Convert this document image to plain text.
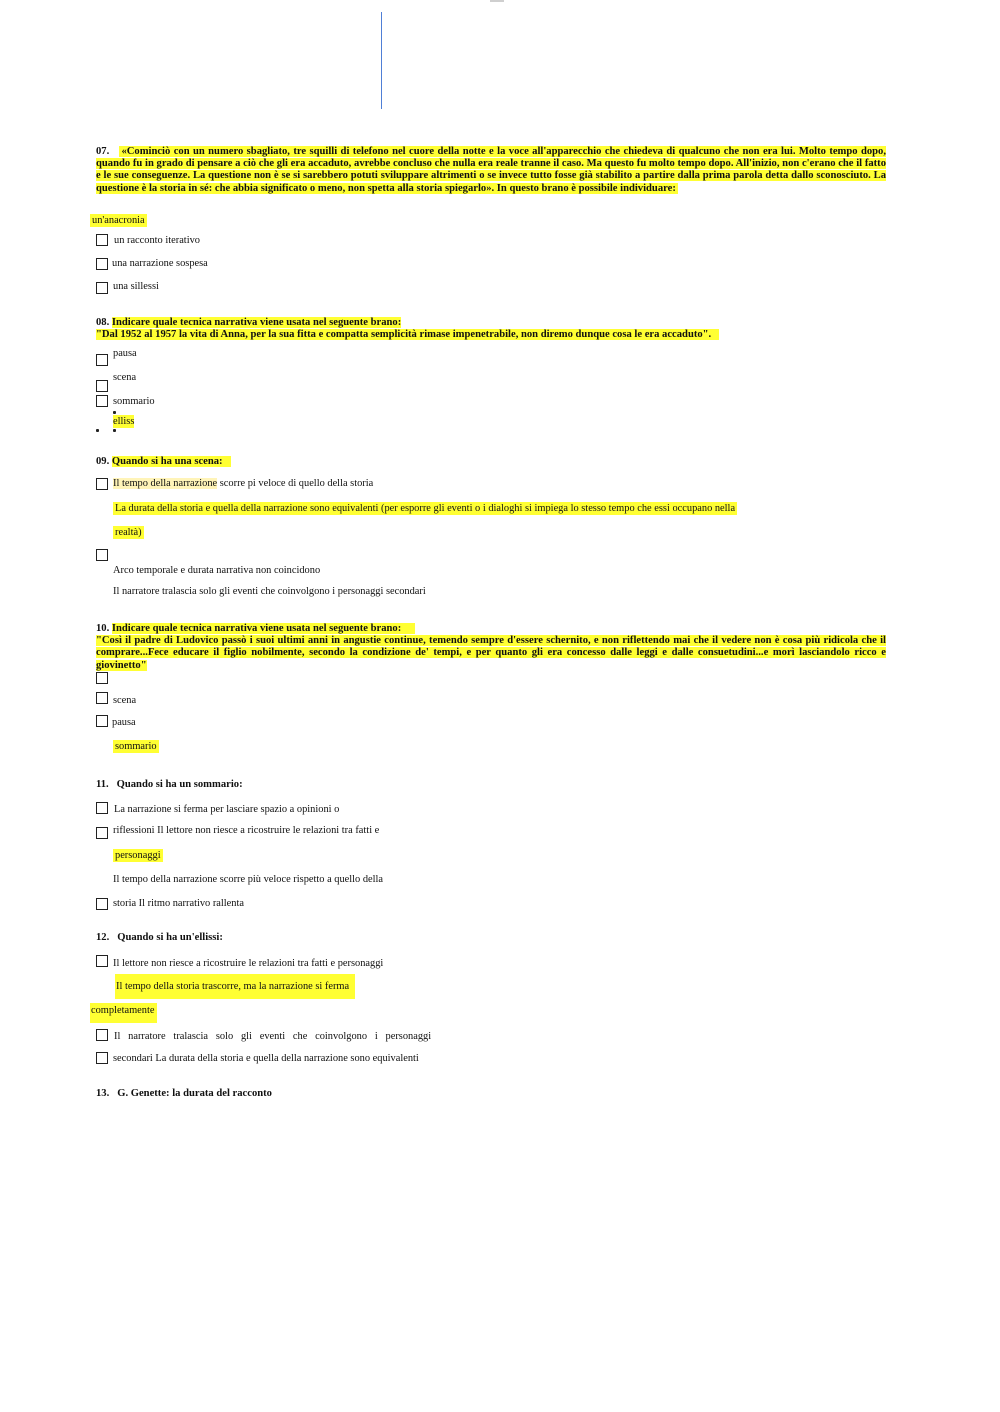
07. «Cominciò con un numero sbagliato, tre squilli di telefono nel cuore della notte e la voce all'apparecchio che chiedeva di qualcuno che non era lui. Molto tempo dopo, quando fu in grado di pensare a ciò che gli era accaduto, avrebbe concluso che nulla era reale tranne il caso. Ma questo fu molto tempo dopo. All'inizio, non c'erano che il fatto e le sue conseguenze. La questione non è se si sarebbero potuti sviluppare altrimenti o se invece tutto fosse già stabilito a partire dalla prima parola detta dallo sconosciuto. La questione è la storia in sé: che abbia significato o meno, non spetta alla storia spiegarlo». In questo brano è possibile individuare:
un'anacronia
un racconto iterativo
una narrazione sospesa
una sillessi
08. Indicare quale tecnica narrativa viene usata nel seguente brano:
"Dal 1952 al 1957 la vita di Anna, per la sua fitta e compatta semplicità rimase impenetrabile, non diremo dunque cosa le era accaduto".
pausa
scena
sommario
elliss
09. Quando si ha una scena:
Il tempo della narrazione scorre pi veloce di quello della storia
La durata della storia e quella della narrazione sono equivalenti (per esporre gli eventi o i dialoghi si impiega lo stesso tempo che essi occupano nella
realtà)
Arco temporale e durata narrativa non coincidono
Il narratore tralascia solo gli eventi che coinvolgono i personaggi secondari
10. Indicare quale tecnica narrativa viene usata nel seguente brano:
"Così il padre di Ludovico passò i suoi ultimi anni in angustie continue, temendo sempre d'essere schernito, e non riflettendo mai che il vedere non è cosa più ridicola che il comprare...Fece educare il figlio nobilmente, secondo la condizione de' tempi, e per quanto gli era concesso dalle leggi e dalle consuetudini...e morì lasciandolo ricco e giovinetto"
scena
pausa
sommario
11. Quando si ha un sommario:
La narrazione si ferma per lasciare spazio a opinioni o
riflessioni Il lettore non riesce a ricostruire le relazioni tra fatti e
personaggi
Il tempo della narrazione scorre più veloce rispetto a quello della
storia Il ritmo narrativo rallenta
12. Quando si ha un'ellissi:
Il lettore non riesce a ricostruire le relazioni tra fatti e personaggi
Il tempo della storia trascorre, ma la narrazione si ferma
completamente
Il   narratore   tralascia   solo   gli   eventi   che   coinvolgono   i   personaggi
secondari La durata della storia e quella della narrazione sono equivalenti
13. G. Genette: la durata del racconto
